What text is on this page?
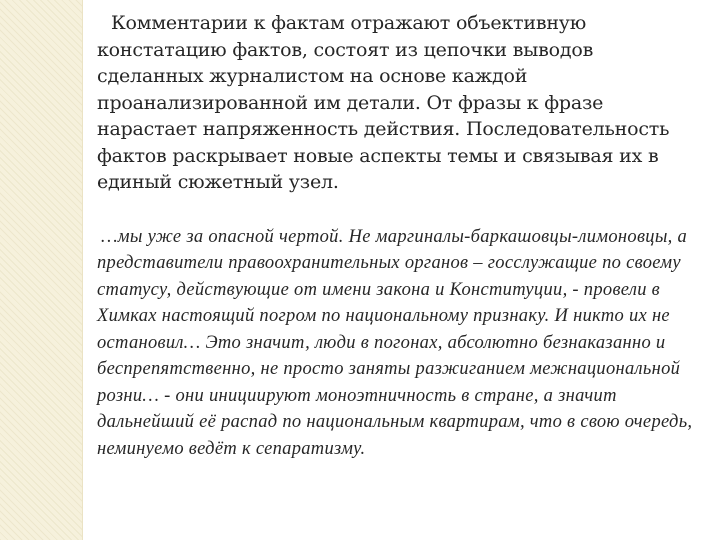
Комментарии к фактам отражают объективную констатацию фактов, состоят из цепочки выводов сделанных журналистом на основе каждой проанализированной им детали. От фразы к фразе нарастает напряженность действия. Последовательность фактов раскрывает новые аспекты темы и связывая их в единый сюжетный узел.

…мы уже за опасной чертой. Не маргиналы-баркашовцы-лимоновцы, а представители правоохранительных органов – госслужащие по своему статусу, действующие от имени закона и Конституции, - провели в Химках настоящий погром по национальному признаку. И никто их не остановил… Это значит, люди в погонах, абсолютно безнаказанно и беспрепятственно, не просто заняты разжиганием межнациональной розни… - они инициируют моноэтничность в стране, а значит дальнейший её распад по национальным квартирам, что в свою очередь, неминуемо ведёт к сепаратизму.
